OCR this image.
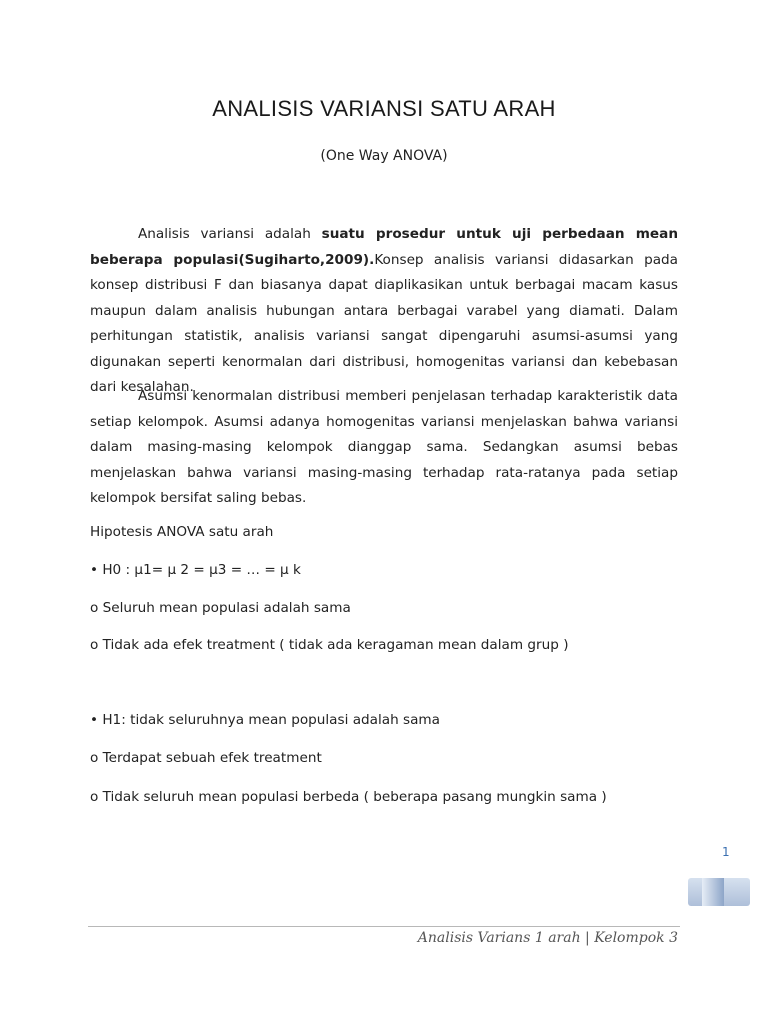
ANALISIS VARIANSI SATU ARAH
(One Way ANOVA)

Analisis variansi adalah suatu prosedur untuk uji perbedaan mean beberapa populasi(Sugiharto,2009).Konsep analisis variansi didasarkan pada konsep distribusi F dan biasanya dapat diaplikasikan untuk berbagai macam kasus maupun dalam analisis hubungan antara berbagai varabel yang diamati. Dalam perhitungan statistik, analisis variansi sangat dipengaruhi asumsi-asumsi yang digunakan seperti kenormalan dari distribusi, homogenitas variansi dan kebebasan dari kesalahan.

Asumsi kenormalan distribusi memberi penjelasan terhadap karakteristik data setiap kelompok. Asumsi adanya homogenitas variansi menjelaskan bahwa variansi dalam masing-masing kelompok dianggap sama. Sedangkan asumsi bebas menjelaskan bahwa variansi masing-masing terhadap rata-ratanya pada setiap kelompok bersifat saling bebas.

Hipotesis ANOVA satu arah
• H0 : μ1= μ 2 = μ3 = … = μ k
o Seluruh mean populasi adalah sama
o Tidak ada efek treatment ( tidak ada keragaman mean dalam grup )
• H1: tidak seluruhnya mean populasi adalah sama
o Terdapat sebuah efek treatment
o Tidak seluruh mean populasi berbeda ( beberapa pasang mungkin sama )
1
Analisis Varians 1 arah | Kelompok 3
